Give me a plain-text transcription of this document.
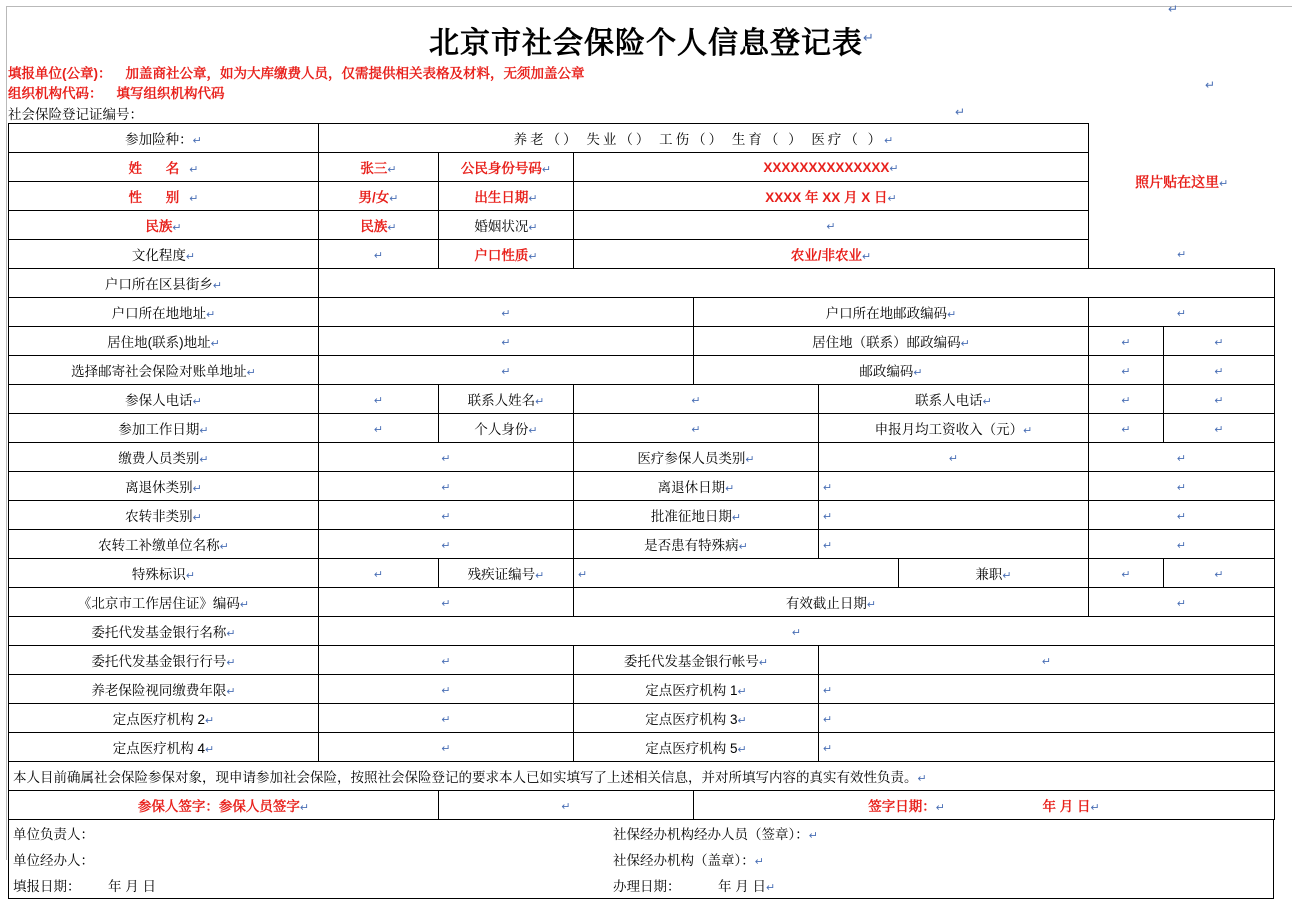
↵
北京市社会保险个人信息登记表↵
填报单位(公章)： 加盖商社公章，如为大库缴费人员，仅需提供相关表格及材料，无须加盖公章
组织机构代码： 填写组织机构代码
↵
社会保险登记证编号：	↵
参加险种：↵	养老（） 失业（） 工伤（） 生育（ ） 医疗（ ）↵						照片贴在这里↵	
姓 名↵	张三↵	公民身份号码↵	XXXXXXXXXXXXXX↵					
性 别↵	男/女↵	出生日期↵	XXXX 年 XX 月 X 日↵					
民族↵	民族↵	婚姻状况↵	↵					
文化程度↵	↵	户口性质↵	农业/非农业↵				↵	
户口所在区县街乡↵								
户口所在地地址↵	↵			户口所在地邮政编码↵			↵	
居住地(联系)地址↵	↵			居住地（联系）邮政编码↵			↵	↵
选择邮寄社会保险对账单地址↵	↵			邮政编码↵			↵	↵
参保人电话↵	↵	联系人姓名↵	↵		联系人电话↵		↵	↵
参加工作日期↵	↵	个人身份↵	↵		申报月均工资收入（元）↵		↵	↵
缴费人员类别↵	↵		医疗参保人员类别↵		↵		↵	
离退休类别↵	↵		离退休日期↵		↵		↵	
农转非类别↵	↵		批准征地日期↵		↵		↵	
农转工补缴单位名称↵	↵		是否患有特殊病↵		↵		↵	
特殊标识↵	↵	残疾证编号↵	↵			兼职↵	↵	↵
《北京市工作居住证》编码↵	↵		有效截止日期↵				↵	
委托代发基金银行名称↵	↵							
委托代发基金银行行号↵	↵		委托代发基金银行帐号↵		↵			
养老保险视同缴费年限↵	↵		定点医疗机构 1↵		↵			
定点医疗机构 2↵	↵		定点医疗机构 3↵		↵			
定点医疗机构 4↵	↵		定点医疗机构 5↵		↵			
本人目前确属社会保险参保对象，现申请参加社会保险，按照社会保险登记的要求本人已如实填写了上述相关信息，并对所填写内容的真实有效性负责。↵								
参保人签字：参保人员签字↵		↵		签字日期：↵ 年 月 日↵				
单位负责人：	社保经办机构经办人员（签章）：↵
单位经办人：	社保经办机构（盖章）：↵
填报日期： 年 月 日	办理日期： 年 月 日↵
